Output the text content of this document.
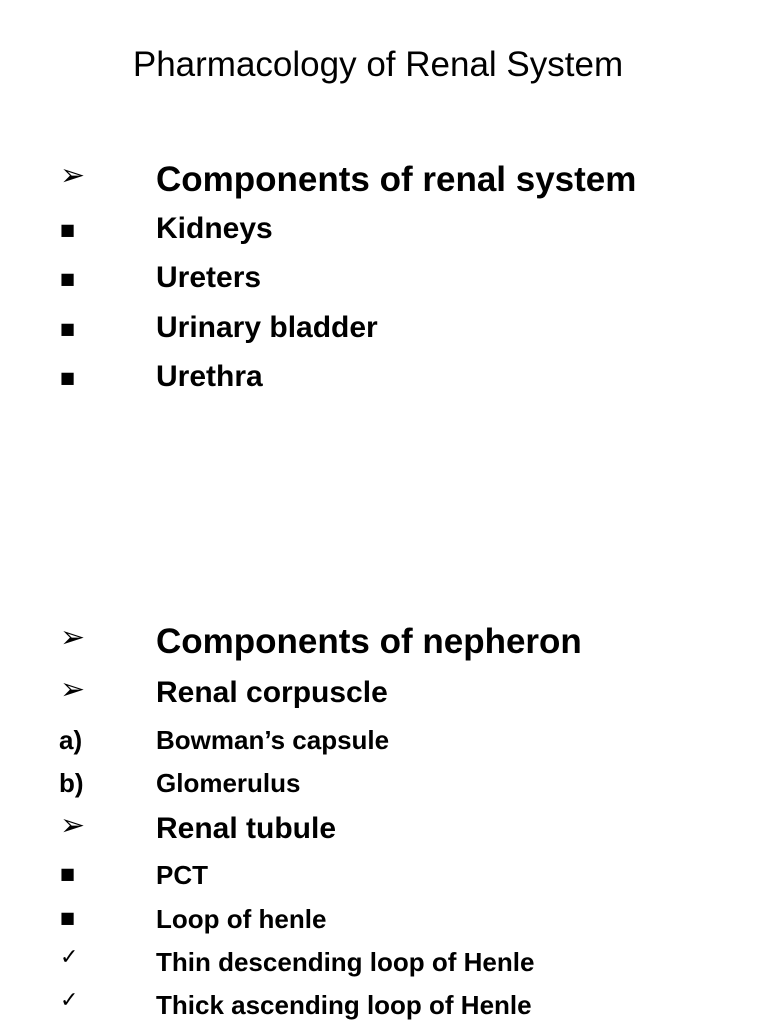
Pharmacology of Renal System
➢ Components of renal system
■	Kidneys
■	Ureters
■	Urinary bladder
■	Urethra
➢ Components of nepheron
➢ Renal corpuscle
a)	Bowman’s capsule
b)	Glomerulus
➢ Renal tubule
■	PCT
■	Loop of henle
✓	Thin descending loop of Henle
✓	Thick ascending loop of Henle
